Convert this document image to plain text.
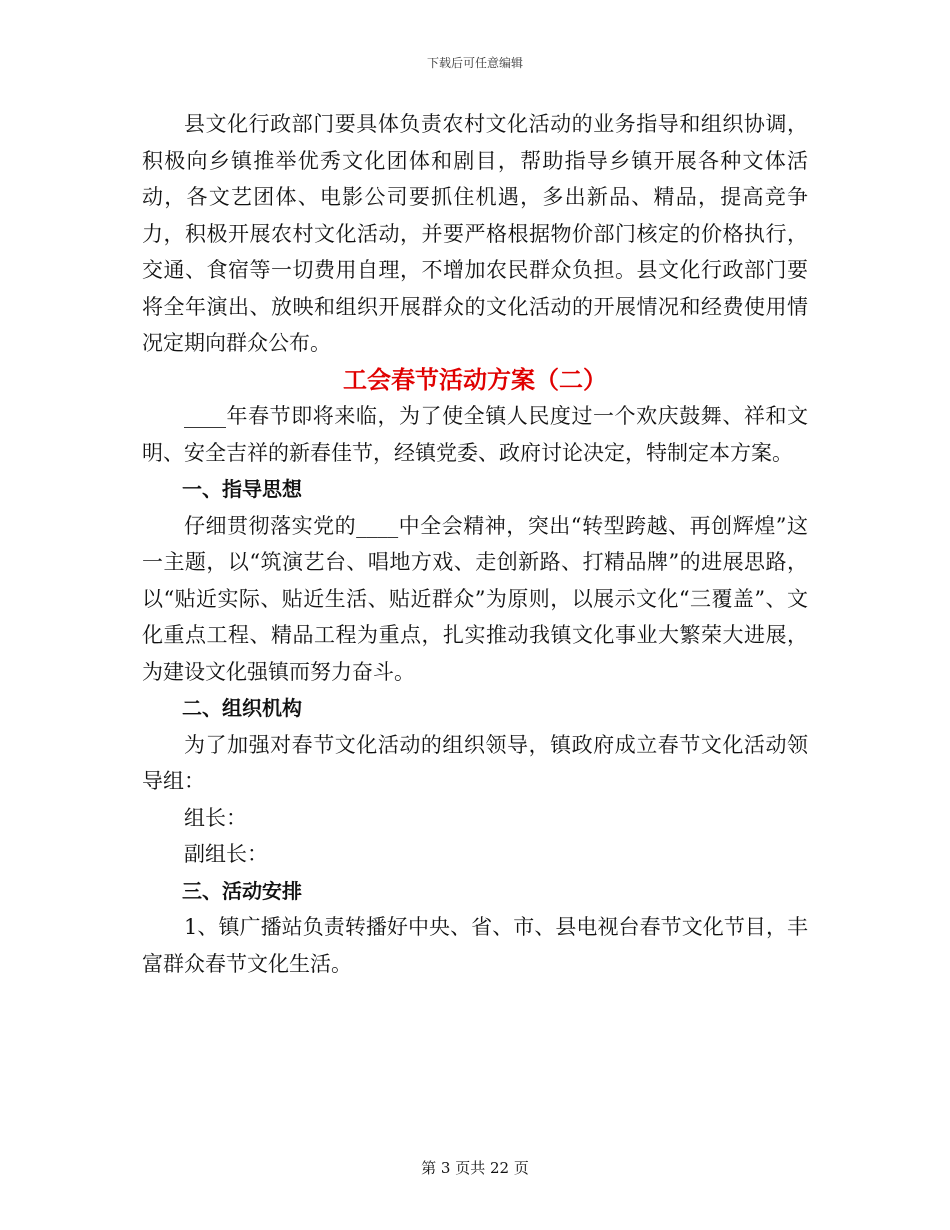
下载后可任意编辑

县文化行政部门要具体负责农村文化活动的业务指导和组织协调，积极向乡镇推举优秀文化团体和剧目，帮助指导乡镇开展各种文体活动，各文艺团体、电影公司要抓住机遇，多出新品、精品，提高竞争力，积极开展农村文化活动，并要严格根据物价部门核定的价格执行，交通、食宿等一切费用自理，不增加农民群众负担。县文化行政部门要将全年演出、放映和组织开展群众的文化活动的开展情况和经费使用情况定期向群众公布。

工会春节活动方案（二）

____年春节即将来临，为了使全镇人民度过一个欢庆鼓舞、祥和文明、安全吉祥的新春佳节，经镇党委、政府讨论决定，特制定本方案。

一、指导思想

仔细贯彻落实党的____中全会精神，突出“转型跨越、再创辉煌”这一主题，以“筑演艺台、唱地方戏、走创新路、打精品牌”的进展思路，以“贴近实际、贴近生活、贴近群众”为原则，以展示文化“三覆盖”、文化重点工程、精品工程为重点，扎实推动我镇文化事业大繁荣大进展，为建设文化强镇而努力奋斗。

二、组织机构

为了加强对春节文化活动的组织领导，镇政府成立春节文化活动领导组：

组长：

副组长：

三、活动安排

1、镇广播站负责转播好中央、省、市、县电视台春节文化节目，丰富群众春节文化生活。

第 3 页共 22 页
